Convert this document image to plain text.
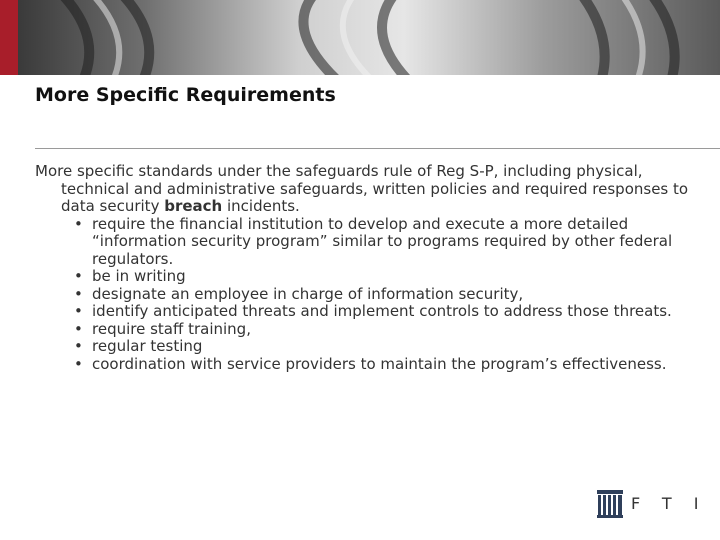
More Specific Requirements

More specific standards under the safeguards rule of Reg S-P, including physical, technical and administrative safeguards, written policies and required responses to data security breach incidents.

• require the financial institution to develop and execute a more detailed “information security program” similar to programs required by other federal regulators.
• be in writing
• designate an employee in charge of information security,
• identify anticipated threats and implement controls to address those threats.
• require staff training,
• regular testing
• coordination with service providers to maintain the program’s effectiveness.
FTI
